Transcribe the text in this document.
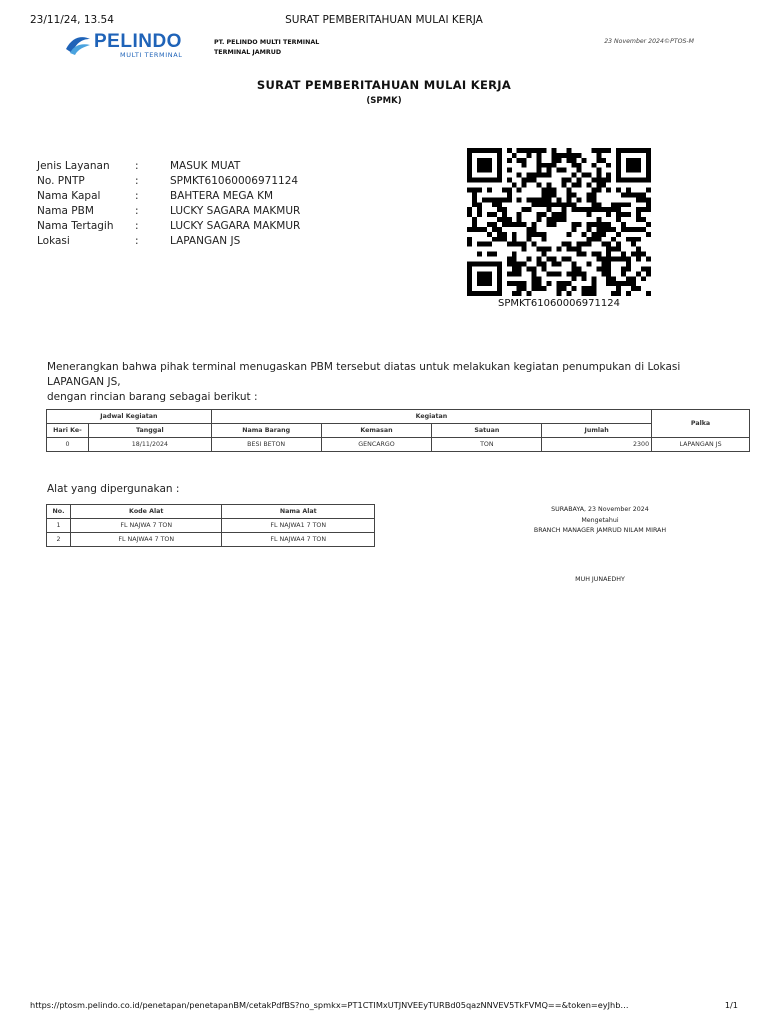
23/11/24, 13.54	SURAT PEMBERITAHUAN MULAI KERJA
PELINDO
MULTI TERMINAL
PT. PELINDO MULTI TERMINAL
TERMINAL JAMRUD
23 November 2024©PTOS-M
SURAT PEMBERITAHUAN MULAI KERJA
(SPMK)
Jenis Layanan	:	MASUK MUAT
No. PNTP	:	SPMKT61060006971124
Nama Kapal	:	BAHTERA MEGA KM
Nama PBM	:	LUCKY SAGARA MAKMUR
Nama Tertagih	:	LUCKY SAGARA MAKMUR
Lokasi	:	LAPANGAN JS
SPMKT61060006971124
Menerangkan bahwa pihak terminal menugaskan PBM tersebut diatas untuk melakukan kegiatan penumpukan di Lokasi LAPANGAN JS,
dengan rincian barang sebagai berikut :
Jadwal Kegiatan		Kegiatan				Palka
Hari Ke-	Tanggal	Nama Barang	Kemasan	Satuan	Jumlah	
0	18/11/2024	BESI BETON	GENCARGO	TON	2300	LAPANGAN JS
Alat yang dipergunakan :
No.	Kode Alat	Nama Alat
1	FL NAJWA 7 TON	FL NAJWA1 7 TON
2	FL NAJWA4 7 TON	FL NAJWA4 7 TON
SURABAYA, 23 November 2024
Mengetahui
BRANCH MANAGER JAMRUD NILAM MIRAH
MUH JUNAEDHY
https://ptosm.pelindo.co.id/penetapan/penetapanBM/cetakPdfBS?no_spmkx=PT1CTIMxUTJNVEEyTURBd05qazNNVEV5TkFVMQ==&token=eyJhb…	1/1
